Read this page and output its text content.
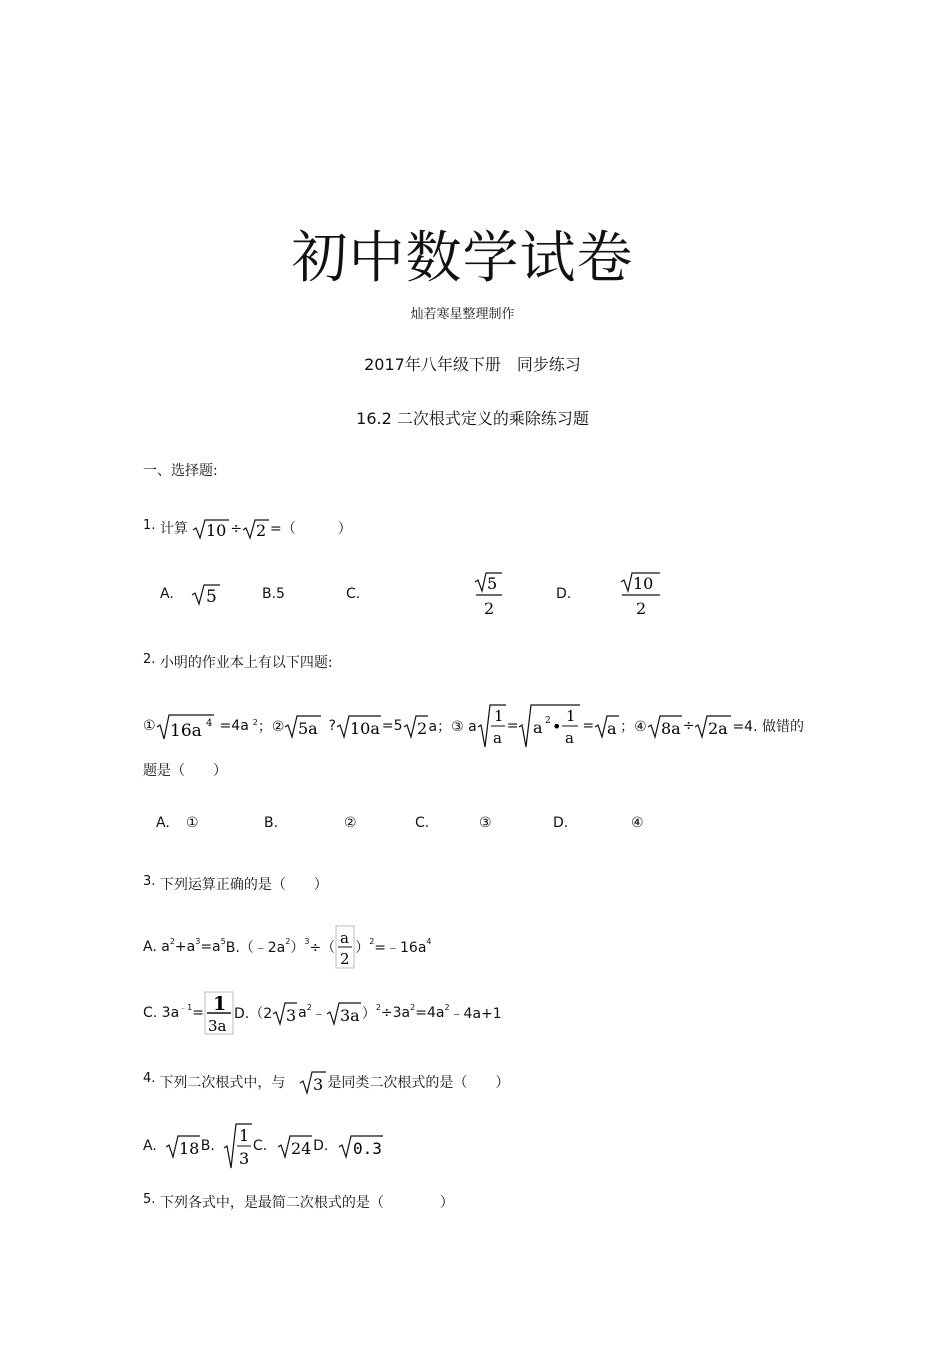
初中数学试卷
灿若寒星整理制作
2017年八年级下册　同步练习
16.2 二次根式定义的乘除练习题
一、选择题:
1. 计算 10 ÷ 2 =（　　　）
A. 5	B.5	C.
5
2
D.
10
2
2. 小明的作业本上有以下四题:
① 16a 4 =4a $^2$ ；② 5a ? 10a =5 2 a；③ a
1
a
= a 2 •
1
a
= a ；④ 8a ÷ 2a =4. 做错的
题是（　　）
A. ①	B.	②	C.	③	D.	④
3. 下列运算正确的是（　　）
A. $a^2 +a^3 =a^5$ $B.(﹣2a^2$ ）$^3$ ÷（
a
2
）$^2 =﹣16a^4$
C. $3a^{﹣1} = 1$
3a
D.（2 3 $a^2$ ﹣ 3a ）$^2 \div 3a^2 =4a^2$ ﹣4a+1
4. 下列二次根式中，与 3 是同类二次根式的是（　　）
A. 18 B.
1
3
C. 24 D. 0.3
5. 下列各式中，是最简二次根式的是（　　　　）
